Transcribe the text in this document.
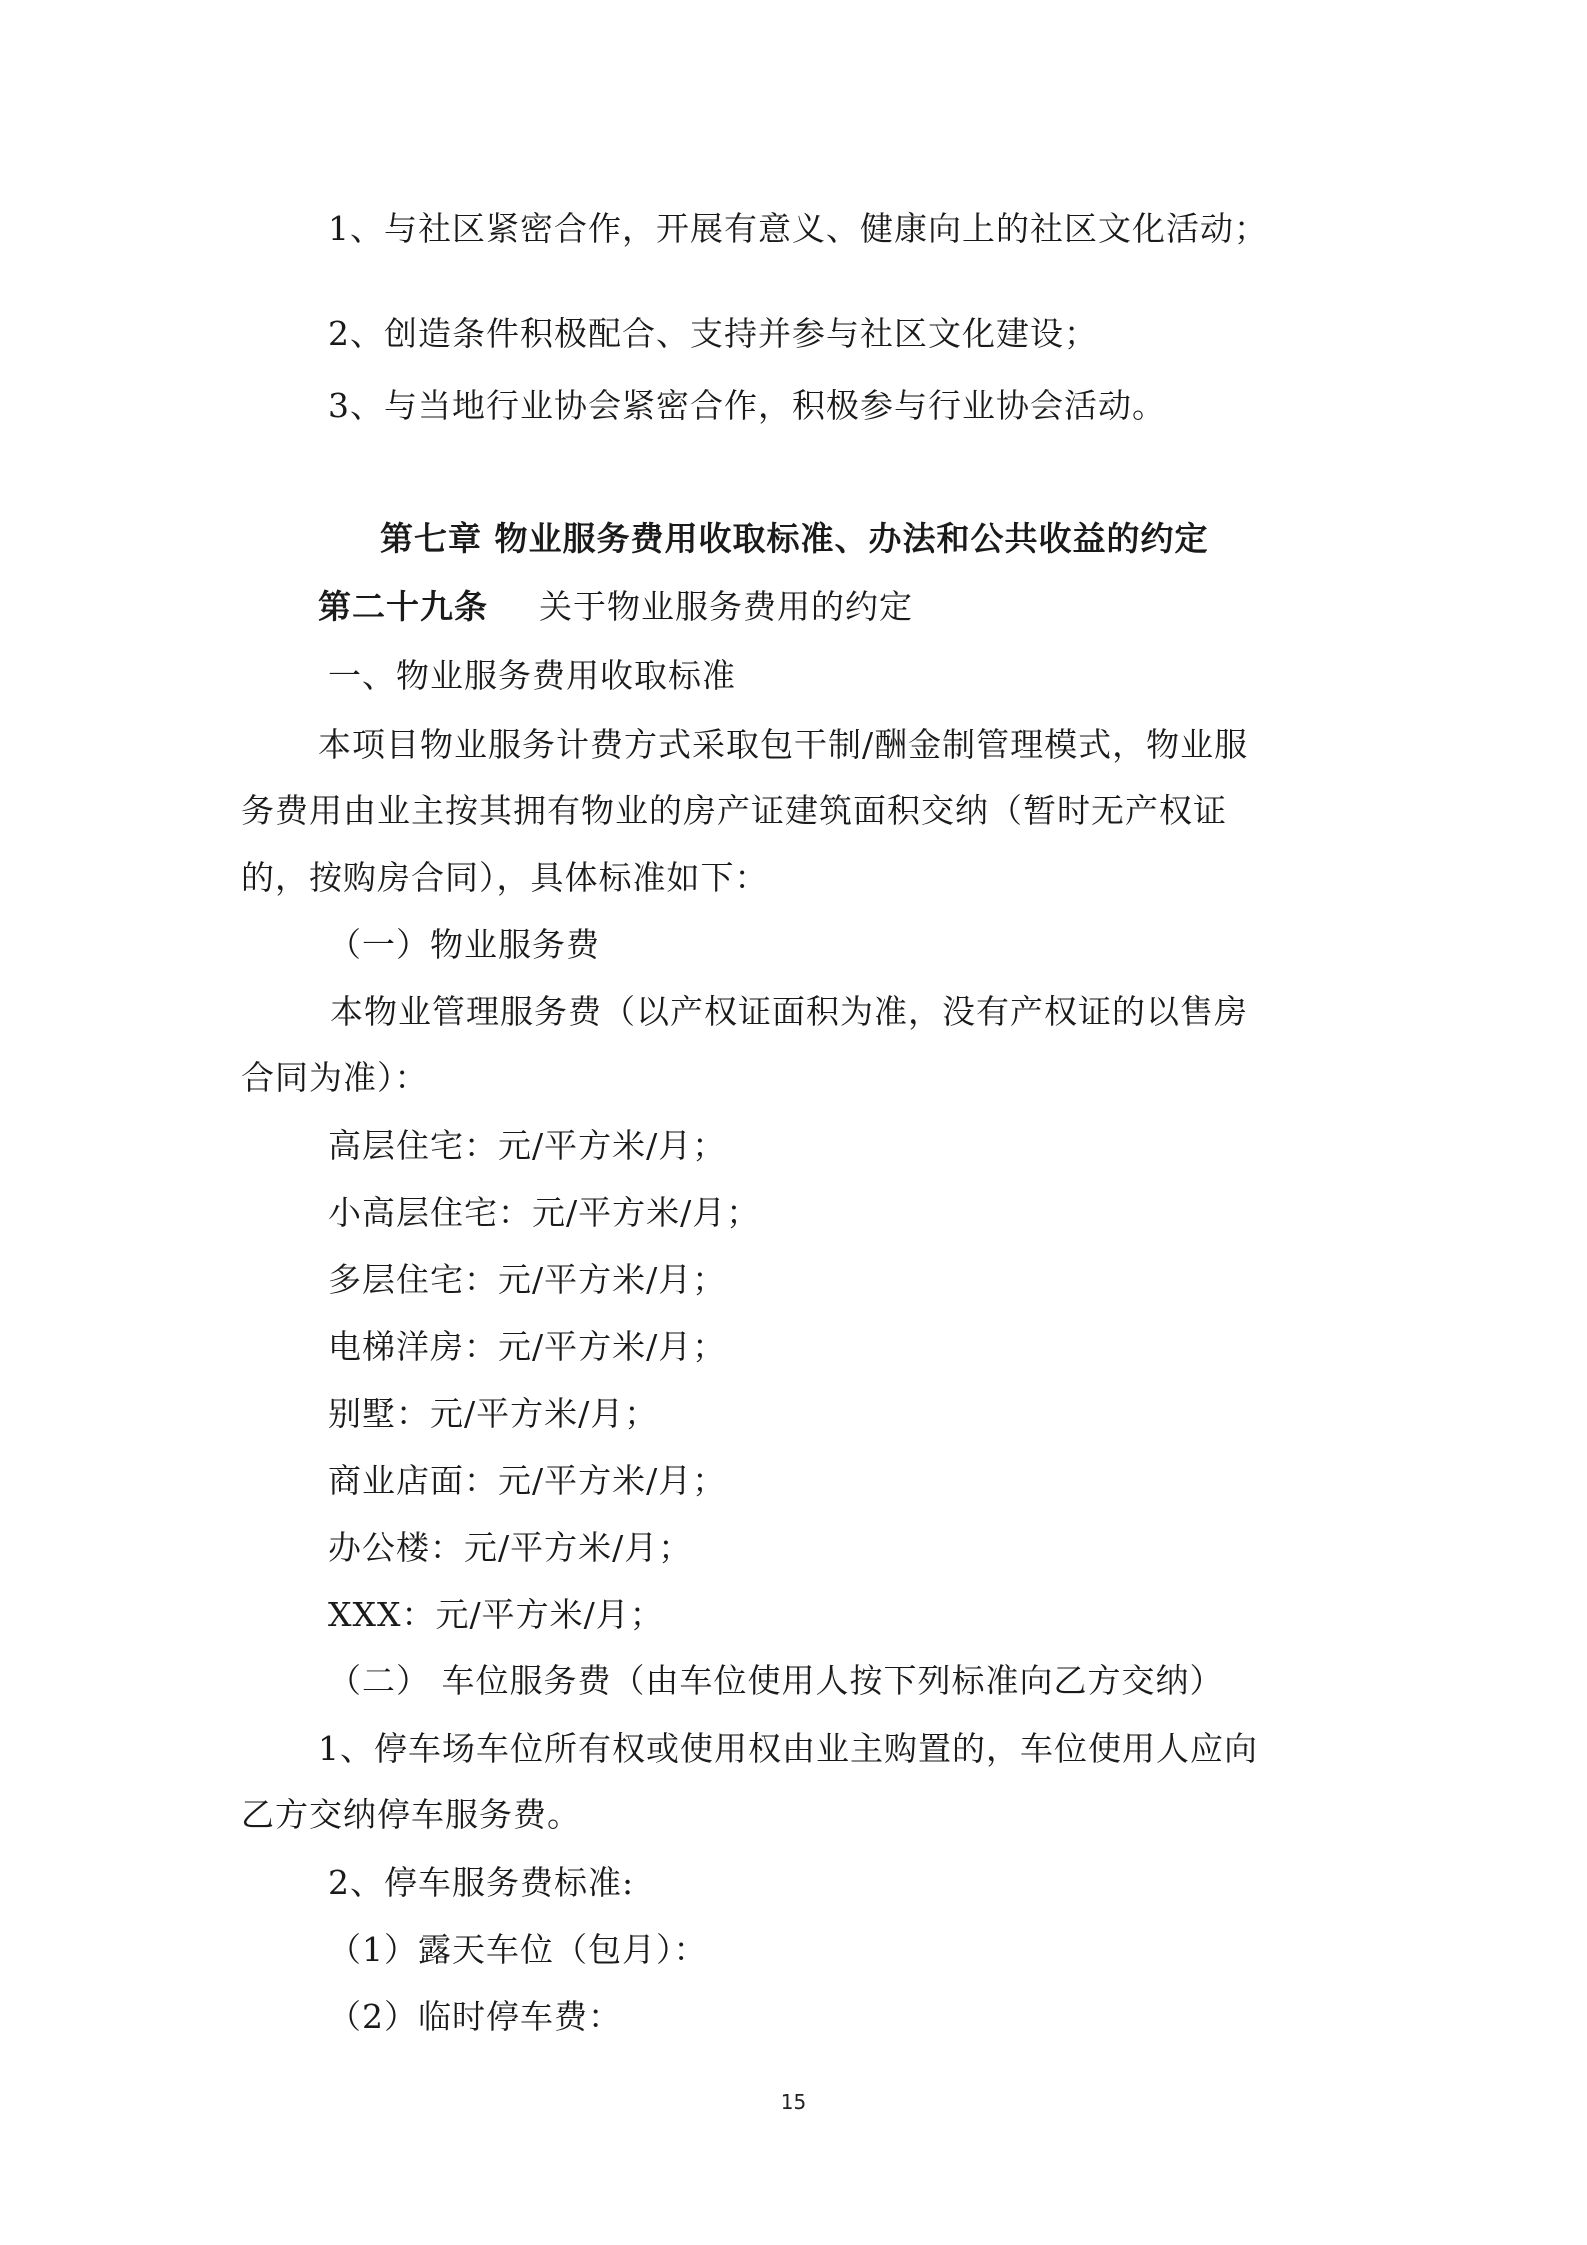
1、与社区紧密合作，开展有意义、健康向上的社区文化活动；
2、创造条件积极配合、支持并参与社区文化建设；
3、与当地行业协会紧密合作，积极参与行业协会活动。
第七章 物业服务费用收取标准、办法和公共收益的约定
第二十九条 关于物业服务费用的约定
一、物业服务费用收取标准
本项目物业服务计费方式采取包干制/酬金制管理模式，物业服
务费用由业主按其拥有物业的房产证建筑面积交纳（暂时无产权证
的，按购房合同），具体标准如下：
（一）物业服务费
本物业管理服务费（以产权证面积为准，没有产权证的以售房
合同为准）：
高层住宅：元/平方米/月；
小高层住宅：元/平方米/月；
多层住宅：元/平方米/月；
电梯洋房：元/平方米/月；
别墅：元/平方米/月；
商业店面：元/平方米/月；
办公楼：元/平方米/月；
XXX：元/平方米/月；
（二） 车位服务费（由车位使用人按下列标准向乙方交纳）
1、停车场车位所有权或使用权由业主购置的，车位使用人应向
乙方交纳停车服务费。
2、停车服务费标准:
（1）露天车位（包月）：
（2）临时停车费：
15
